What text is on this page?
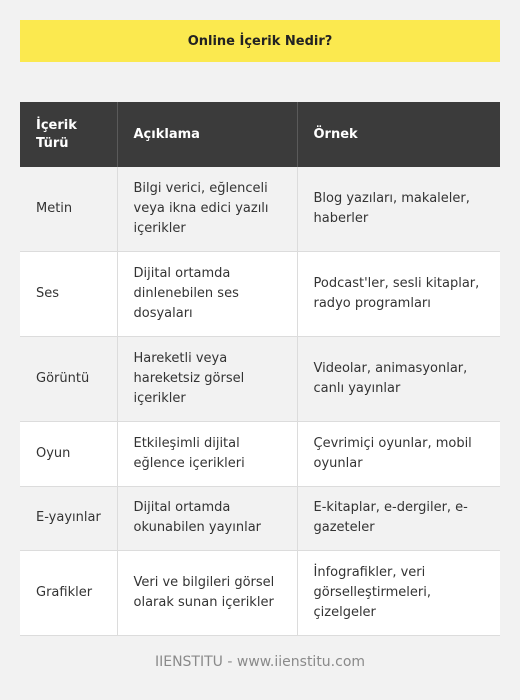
Online İçerik Nedir?
İçerik Türü	Açıklama	Örnek
Metin	Bilgi verici, eğlenceli veya ikna edici yazılı içerikler	Blog yazıları, makaleler, haberler
Ses	Dijital ortamda dinlenebilen ses dosyaları	Podcast'ler, sesli kitaplar, radyo programları
Görüntü	Hareketli veya hareketsiz görsel içerikler	Videolar, animasyonlar, canlı yayınlar
Oyun	Etkileşimli dijital eğlence içerikleri	Çevrimiçi oyunlar, mobil oyunlar
E-yayınlar	Dijital ortamda okunabilen yayınlar	E-kitaplar, e-dergiler, e-gazeteler
Grafikler	Veri ve bilgileri görsel olarak sunan içerikler	İnfografikler, veri görselleştirmeleri, çizelgeler
IIENSTITU - www.iienstitu.com
